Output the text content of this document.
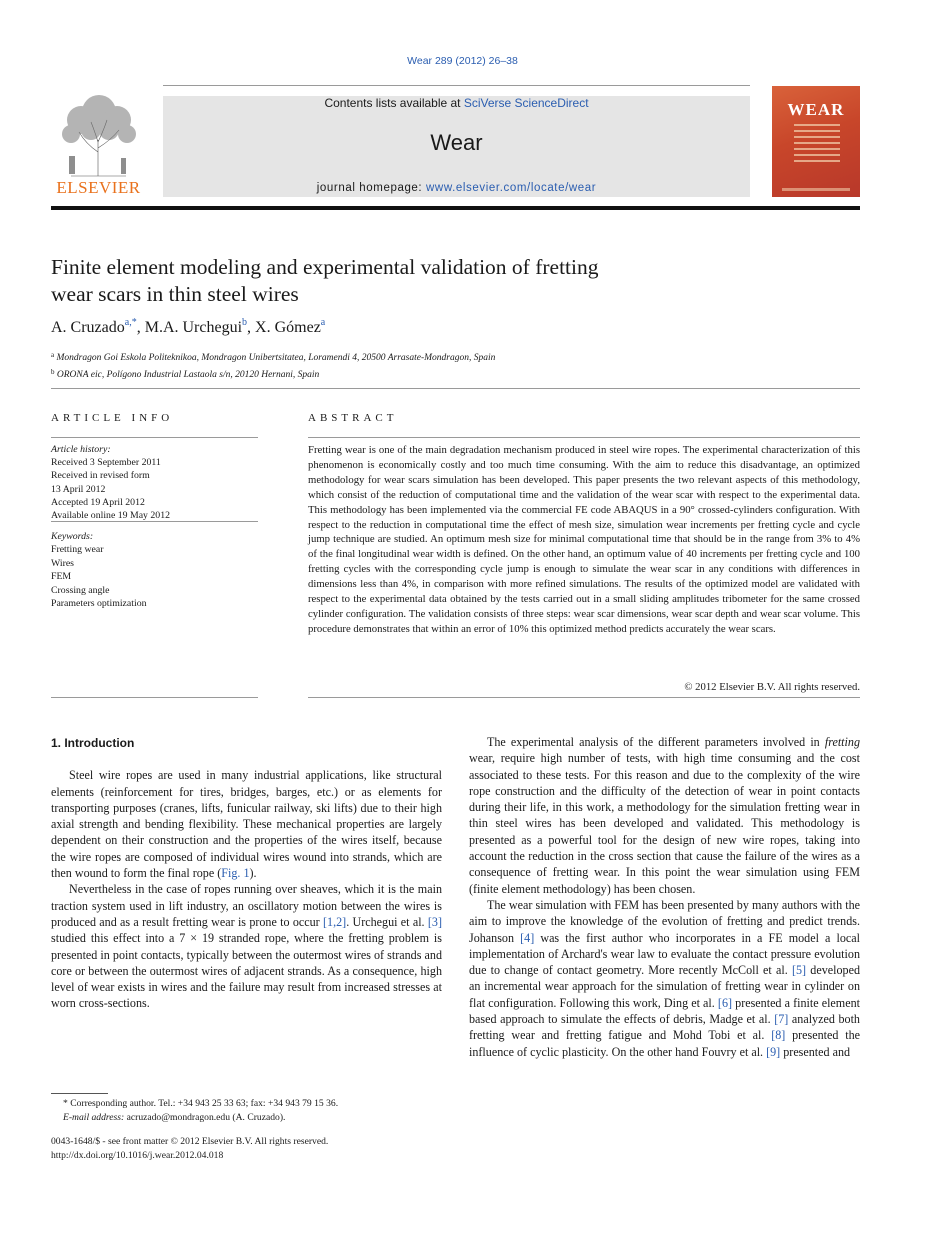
Wear 289 (2012) 26–38
ELSEVIER
Contents lists available at SciVerse ScienceDirect
Wear
journal homepage: www.elsevier.com/locate/wear
WEAR
Finite element modeling and experimental validation of fretting
wear scars in thin steel wires
A. Cruzado$^{a,*}$, M.A. Urchegui$^b$, X. Gómez$^a$
$^a$ Mondragon Goi Eskola Politeknikoa, Mondragon Unibertsitatea, Loramendi 4, 20500 Arrasate-Mondragon, Spain
$^b$ ORONA eic, Polígono Industrial Lastaola s/n, 20120 Hernani, Spain
ARTICLE INFO	ABSTRACT
Article history:
Received 3 September 2011
Received in revised form
13 April 2012
Accepted 19 April 2012
Available online 19 May 2012
Keywords:
Fretting wear
Wires
FEM
Crossing angle
Parameters optimization
Fretting wear is one of the main degradation mechanism produced in steel wire ropes. The experimental characterization of this phenomenon is economically costly and too much time consuming. With the aim to reduce this disadvantage, an optimized methodology for wear scars simulation has been developed. This paper presents the two relevant aspects of this methodology, which consist of the reduction of computational time and the validation of the wear scar with respect to the experimental data. This methodology has been implemented via the commercial FE code ABAQUS in a 90° crossed-cylinders configuration. With respect to the reduction in computational time the effect of mesh size, simulation wear increments per fretting cycle and cycle jump technique are studied. An optimum mesh size for minimal computational time that should be in the range from 3% to 4% of the final longitudinal wear width is defined. On the other hand, an optimum value of 40 increments per fretting cycle and 100 fretting cycles with the corresponding cycle jump is enough to simulate the wear scar in any conditions with differences in dimensions less than 4%, in comparison with more refined simulations. The results of the optimized model are validated with respect to the experimental data obtained by the tests carried out in a small sliding amplitudes tribometer for the same crossed cylinder configuration. The validation consists of three steps: wear scar dimensions, wear scar depth and wear scar volume. This procedure demonstrates that within an error of 10% this optimized method predicts accurately the wear scars.
© 2012 Elsevier B.V. All rights reserved.
1. Introduction

Steel wire ropes are used in many industrial applications, like structural elements (reinforcement for tires, bridges, barges, etc.) or as elements for transporting purposes (cranes, lifts, funicular railway, ski lifts) due to their high axial strength and bending flexibility. These mechanical properties are largely dependent on their construction and the properties of the wires itself, because the wire ropes are composed of individual wires wound into strands, which are then wound to form the final rope (Fig. 1).

Nevertheless in the case of ropes running over sheaves, which it is the main traction system used in lift industry, an oscillatory motion between the wires is produced and as a result fretting wear is prone to occur [1,2]. Urchegui et al. [3] studied this effect into a 7 × 19 stranded rope, where the fretting problem is presented in point contacts, typically between the outermost wires of strands and core or between the outermost wires of adjacent strands. As a consequence, high level of wear exists in wires and the failure may result from increased stresses at worn cross-sections.

The experimental analysis of the different parameters involved in fretting wear, require high number of tests, with high time consuming and the cost associated to these tests. For this reason and due to the complexity of the wire rope construction and the difficulty of the detection of wear in point contacts during their life, in this work, a methodology for the simulation fretting wear in thin steel wires has been developed and validated. This methodology is presented as a powerful tool for the design of new wire ropes, taking into account the reduction in the cross section that cause the failure of the wires as a consequence of fretting wear. In this point the wear simulation using FEM (finite element methodology) has been chosen.

The wear simulation with FEM has been presented by many authors with the aim to improve the knowledge of the evolution of fretting and predict trends. Johanson [4] was the first author who incorporates in a FE model a local implementation of Archard's wear law to evaluate the contact pressure evolution due to change of contact geometry. More recently McColl et al. [5] developed an incremental wear approach for the simulation of fretting wear in cylinder on flat configuration. Following this work, Ding et al. [6] presented a finite element based approach to simulate the effects of debris, Madge et al. [7] analyzed both fretting wear and fretting fatigue and Mohd Tobi et al. [8] presented the influence of cyclic plasticity. On the other hand Fouvry et al. [9] presented and

* Corresponding author. Tel.: +34 943 25 33 63; fax: +34 943 79 15 36.
E-mail address: acruzado@mondragon.edu (A. Cruzado).
0043-1648/$ - see front matter © 2012 Elsevier B.V. All rights reserved.
http://dx.doi.org/10.1016/j.wear.2012.04.018
